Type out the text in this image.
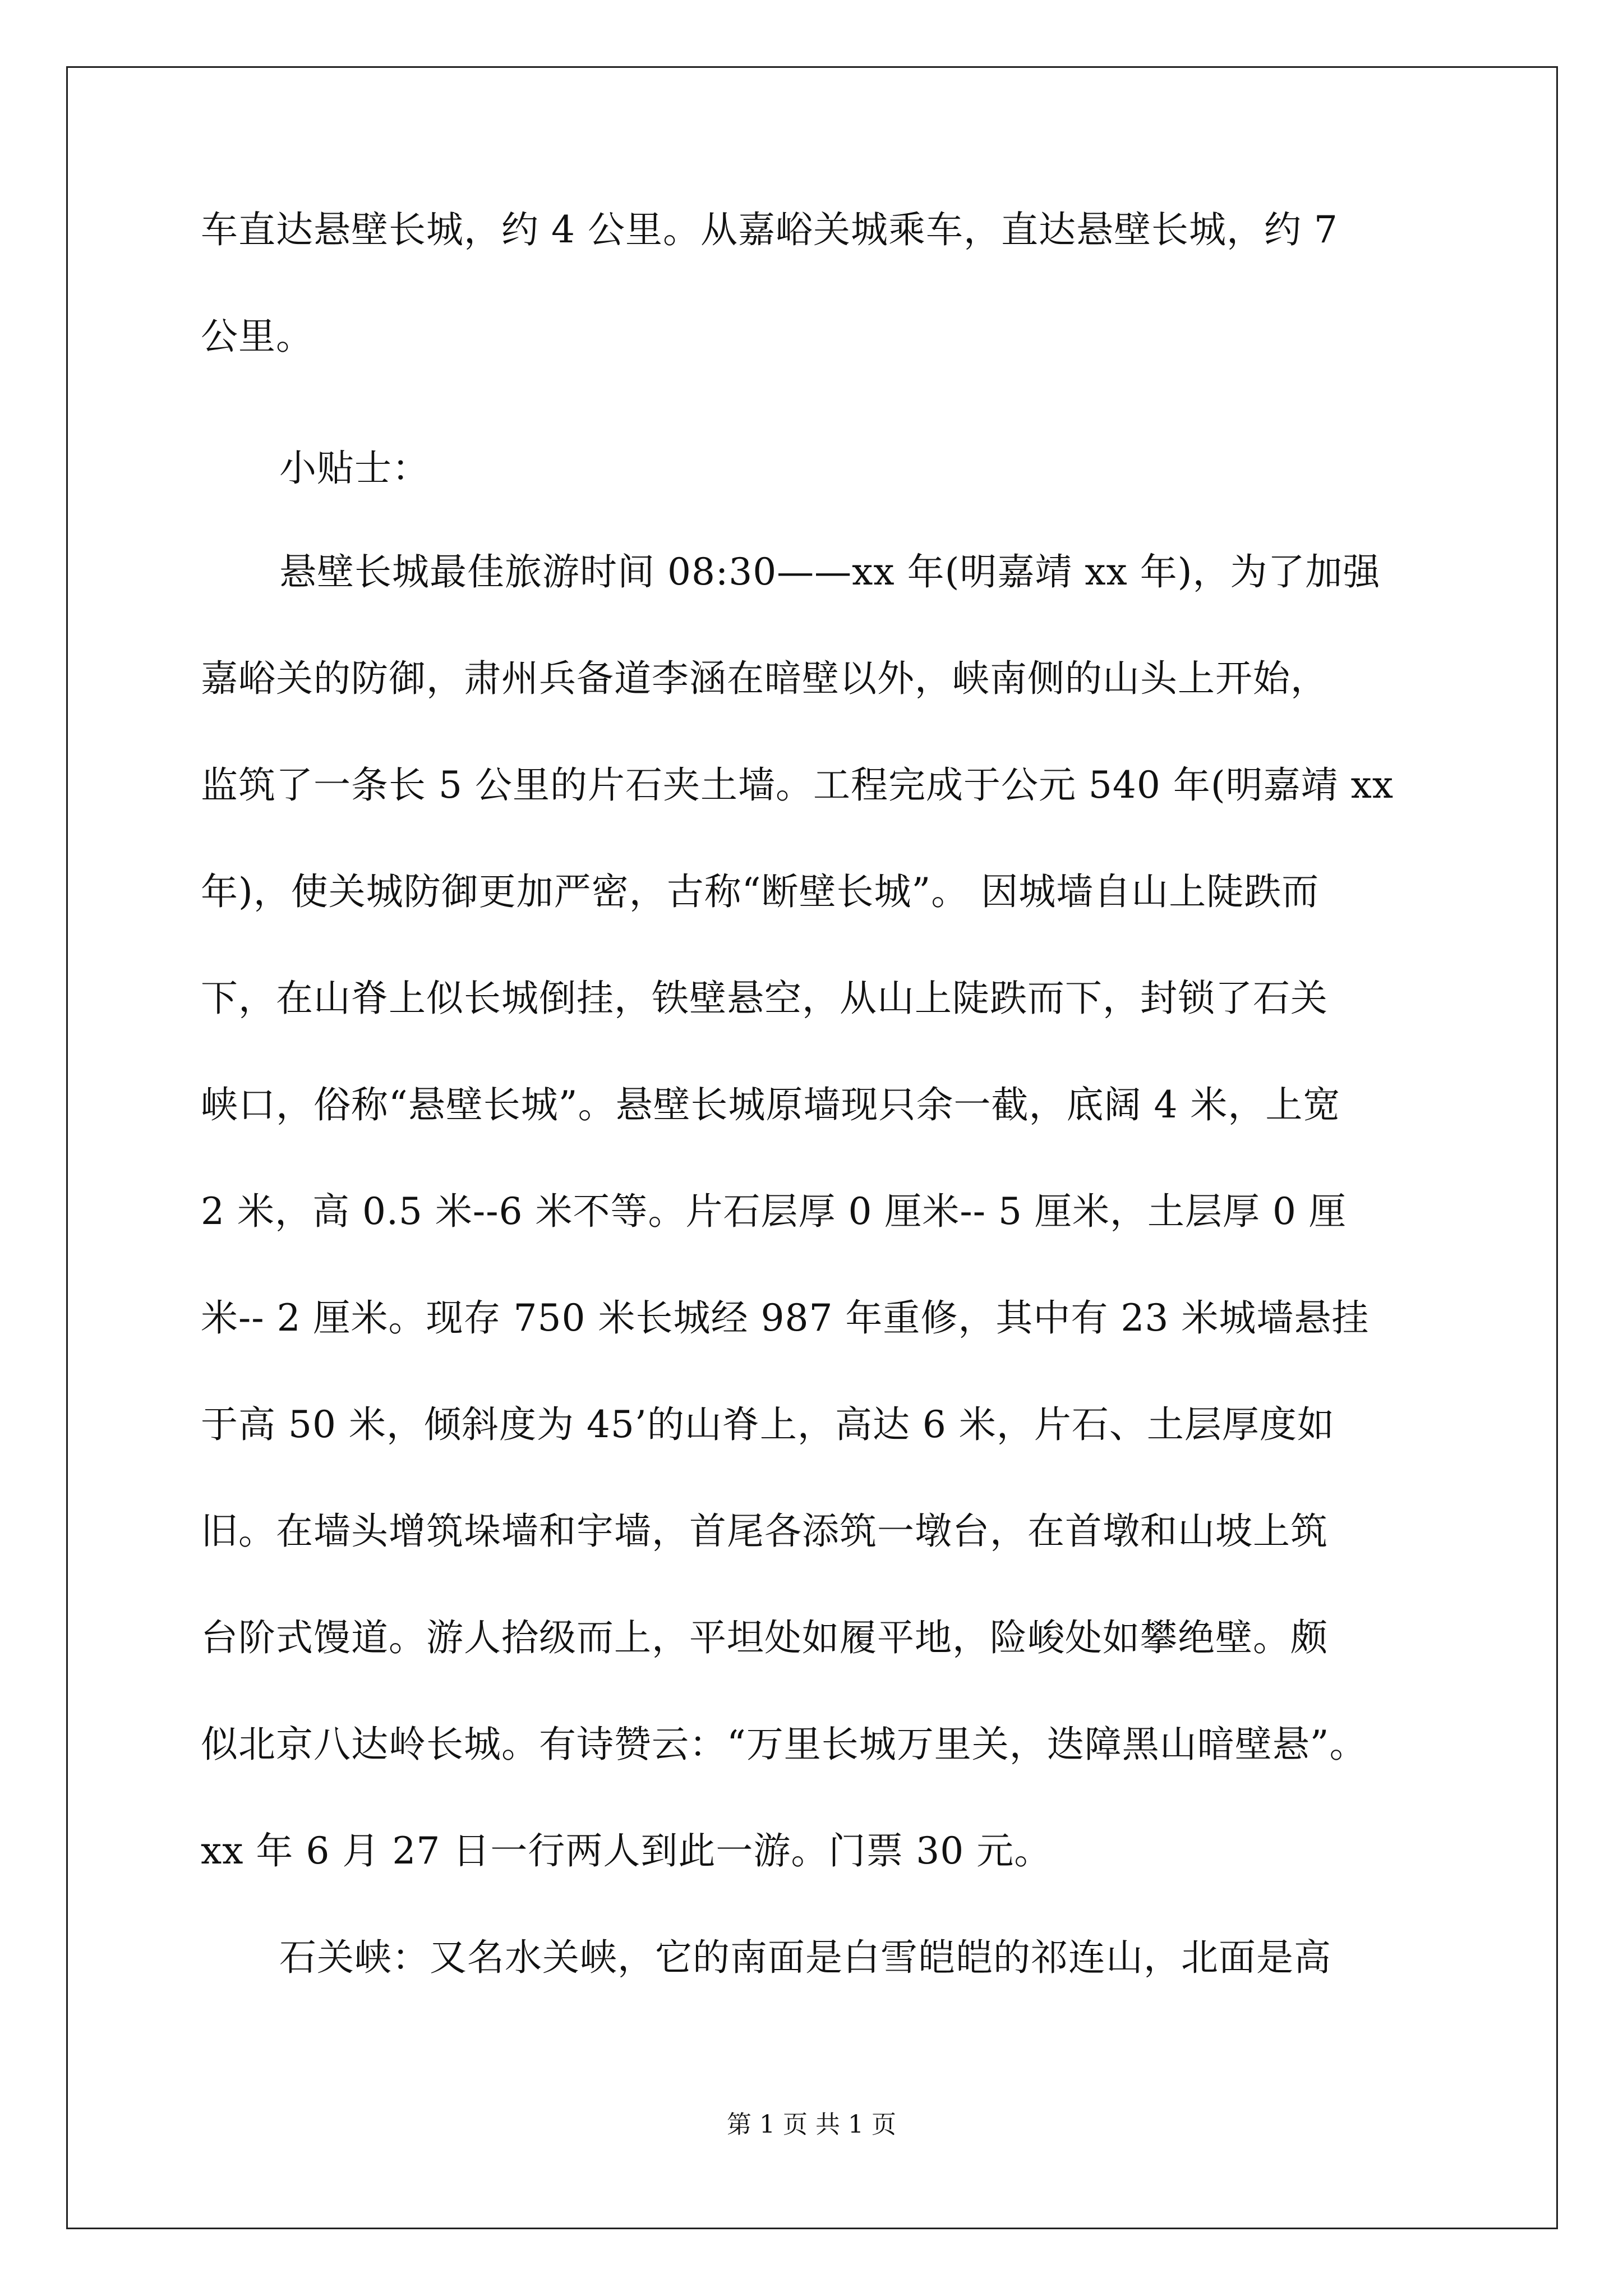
车直达悬壁长城，约 4 公里。从嘉峪关城乘车，直达悬壁长城，约 7
公里。
小贴士：
悬壁长城最佳旅游时间 08:30——xx 年(明嘉靖 xx 年)，为了加强
嘉峪关的防御，肃州兵备道李涵在暗壁以外，峡南侧的山头上开始，
监筑了一条长 5 公里的片石夹土墙。工程完成于公元 540 年(明嘉靖 xx
年)，使关城防御更加严密，古称“断壁长城”。 因城墙自山上陡跌而
下，在山脊上似长城倒挂，铁壁悬空，从山上陡跌而下，封锁了石关
峡口，俗称“悬壁长城”。悬壁长城原墙现只余一截，底阔 4 米，上宽
2 米，高 0.5 米--6 米不等。片石层厚 0 厘米-- 5 厘米，土层厚 0 厘
米-- 2 厘米。现存 750 米长城经 987 年重修，其中有 23 米城墙悬挂
于高 50 米，倾斜度为 45’的山脊上，高达 6 米，片石、土层厚度如
旧。在墙头增筑垛墙和宇墙，首尾各添筑一墩台，在首墩和山坡上筑
台阶式馒道。游人拾级而上，平坦处如履平地，险峻处如攀绝壁。颇
似北京八达岭长城。有诗赞云：“万里长城万里关，迭障黑山暗壁悬”。
xx 年 6 月 27 日一行两人到此一游。门票 30 元。
石关峡：又名水关峡，它的南面是白雪皑皑的祁连山，北面是高
第 1 页 共 1 页
